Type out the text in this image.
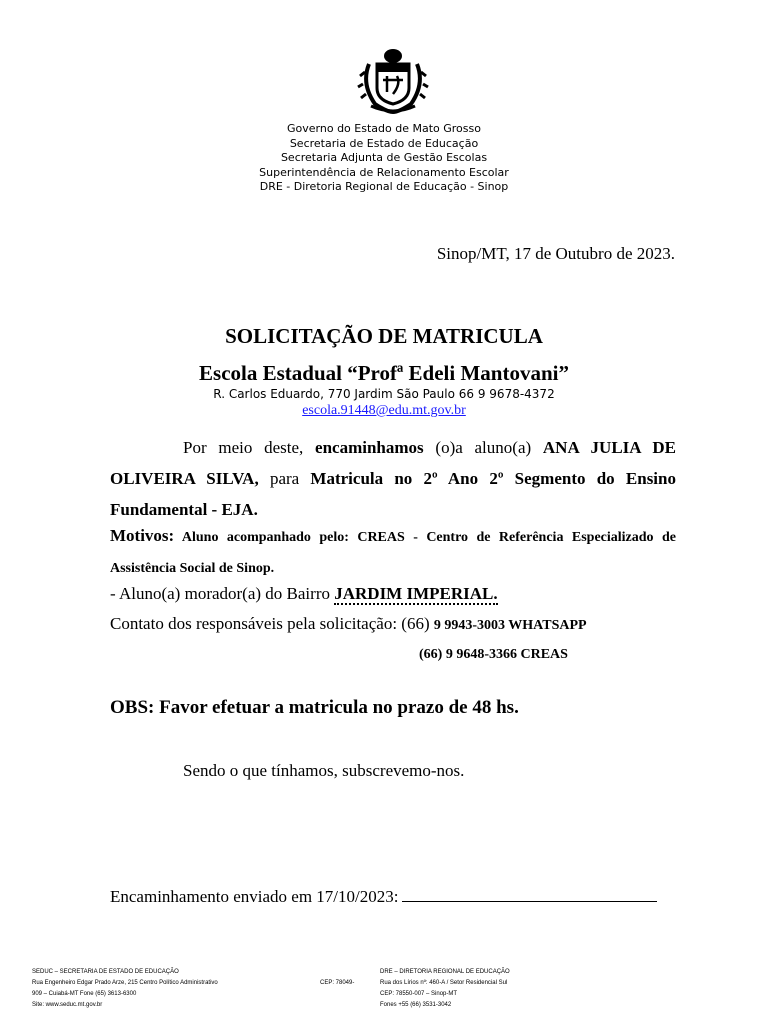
Governo do Estado de Mato Grosso
Secretaria de Estado de Educação
Secretaria Adjunta de Gestão Escolas
Superintendência de Relacionamento Escolar
DRE - Diretoria Regional de Educação - Sinop
Sinop/MT, 17 de Outubro de 2023.
SOLICITAÇÃO DE MATRICULA
Escola Estadual “Profª Edeli Mantovani”
R. Carlos Eduardo, 770 Jardim São Paulo 66 9 9678-4372
escola.91448@edu.mt.gov.br
Por meio deste, encaminhamos (o)a aluno(a) ANA JULIA DE OLIVEIRA SILVA, para Matricula no 2º Ano 2º Segmento do Ensino Fundamental - EJA.
Motivos: Aluno acompanhado pelo: CREAS - Centro de Referência Especializado de Assistência Social de Sinop.
- Aluno(a) morador(a) do Bairro JARDIM IMPERIAL.
Contato dos responsáveis pela solicitação: (66) 9 9943-3003 WHATSAPP
(66) 9 9648-3366 CREAS
OBS: Favor efetuar a matricula no prazo de 48 hs.
Sendo o que tínhamos, subscrevemo-nos.
Encaminhamento enviado em 17/10/2023:
SEDUC – SECRETARIA DE ESTADO DE EDUCAÇÃO
Rua Engenheiro Edgar Prado Arze, 215 Centro Político Administrativo
909 – Cuiabá-MT Fone (65) 3613-6300
Site: www.seduc.mt.gov.br
CEP: 78049-
DRE – DIRETORIA REGIONAL DE EDUCAÇÃO
Rua dos Lírios nº: 460-A / Setor Residencial Sul
CEP: 78550-007 – Sinop-MT
Fones +55 (66) 3531-3042
